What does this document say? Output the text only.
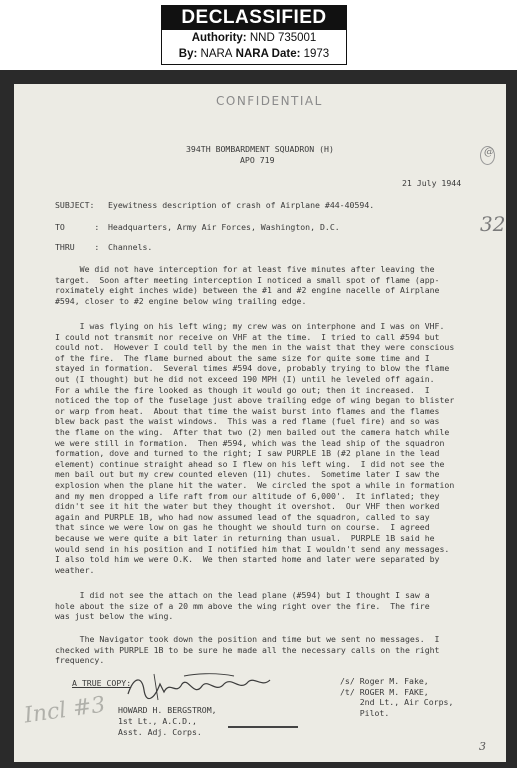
DECLASSIFIED
Authority: NND 735001
By: NARA NARA Date: 1973
CONFIDENTIAL
394TH BOMBARDMENT SQUADRON (H)
APO 719
21 July 1944
@
32
SUBJECT: Eyewitness description of crash of Airplane #44-40594.
TO      : Headquarters, Army Air Forces, Washington, D.C.
THRU    : Channels.
We did not have interception for at least five minutes after leaving the
target.  Soon after meeting interception I noticed a small spot of flame (app-
roximately eight inches wide) between the #1 and #2 engine nacelle of Airplane
#594, closer to #2 engine below wing trailing edge.
I was flying on his left wing; my crew was on interphone and I was on VHF.
I could not transmit nor receive on VHF at the time.  I tried to call #594 but
could not.  However I could tell by the men in the waist that they were conscious
of the fire.  The flame burned about the same size for quite some time and I
stayed in formation.  Several times #594 dove, probably trying to blow the flame
out (I thought) but he did not exceed 190 MPH (I) until he leveled off again.
For a while the fire looked as though it would go out; then it increased.  I
noticed the top of the fuselage just above trailing edge of wing began to blister
or warp from heat.  About that time the waist burst into flames and the flames
blew back past the waist windows.  This was a red flame (fuel fire) and so was
the flame on the wing.  After that two (2) men bailed out the camera hatch while
we were still in formation.  Then #594, which was the lead ship of the squadron
formation, dove and turned to the right; I saw PURPLE 1B (#2 plane in the lead
element) continue straight ahead so I flew on his left wing.  I did not see the
men bail out but my crew counted eleven (11) chutes.  Sometime later I saw the
explosion when the plane hit the water.  We circled the spot a while in formation
and my men dropped a life raft from our altitude of 6,000'.  It inflated; they
didn't see it hit the water but they thought it overshot.  Our VHF then worked
again and PURPLE 1B, who had now assumed lead of the squadron, called to say
that since we were low on gas he thought we should turn on course.  I agreed
because we were quite a bit later in returning than usual.  PURPLE 1B said he
would send in his position and I notified him that I wouldn't send any messages.
I also told him we were O.K.  We then started home and later were separated by
weather.
I did not see the attach on the lead plane (#594) but I thought I saw a
hole about the size of a 20 mm above the wing right over the fire.  The fire
was just below the wing.
The Navigator took down the position and time but we sent no messages.  I
checked with PURPLE 1B to be sure he made all the necessary calls on the right
frequency.
/s/ Roger M. Fake,
/t/ ROGER M. FAKE,
2nd Lt., Air Corps,
Pilot.
A TRUE COPY:
HOWARD H. BERGSTROM,
1st Lt., A.C.D.,
Asst. Adj. Corps.
Incl #3
3
